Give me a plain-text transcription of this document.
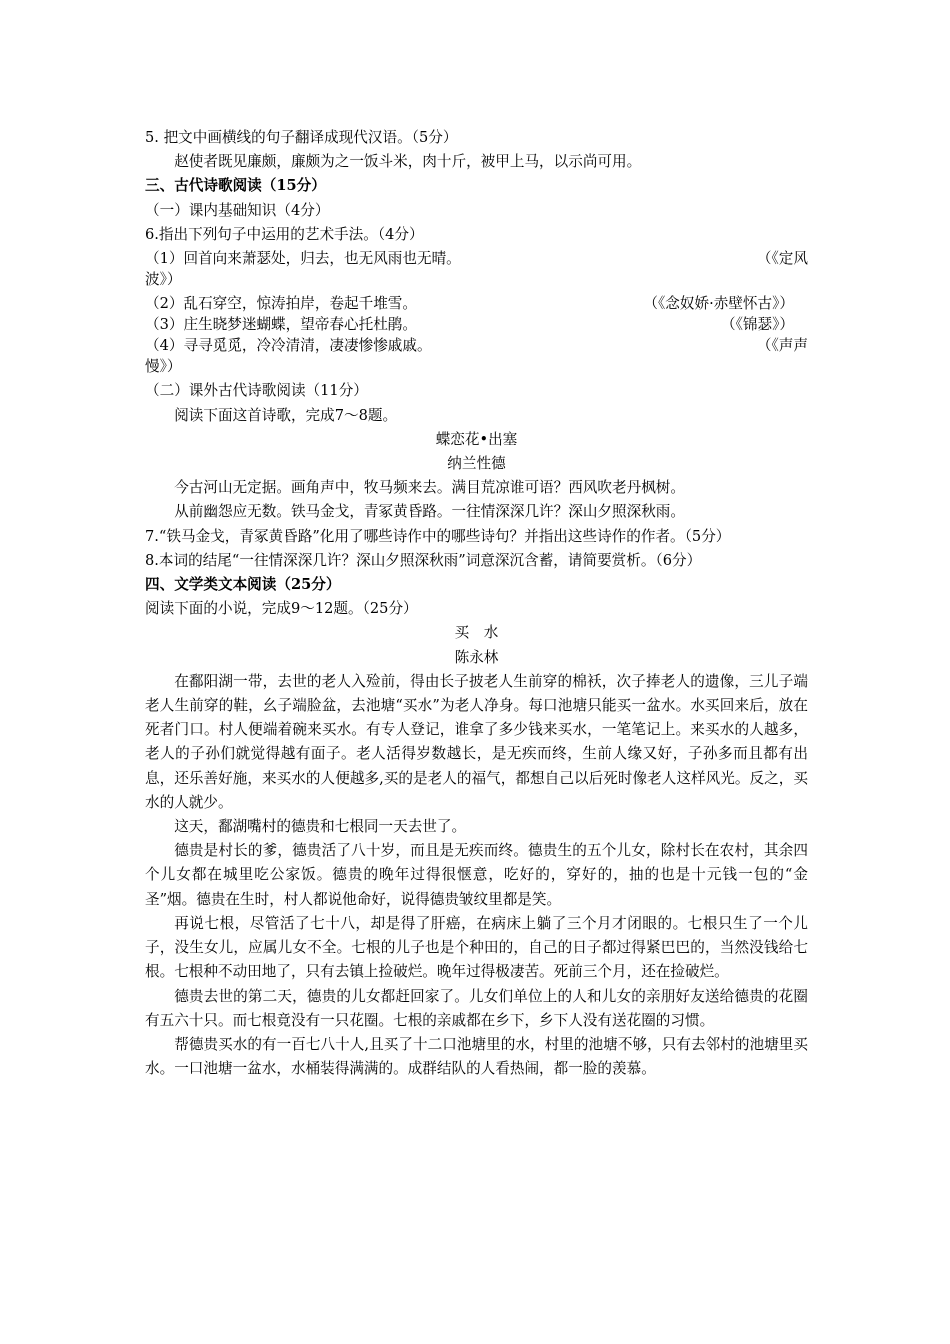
5. 把文中画横线的句子翻译成现代汉语。（5分）

赵使者既见廉颇，廉颇为之一饭斗米，肉十斤，被甲上马，以示尚可用。

三、古代诗歌阅读（15分）

（一）课内基础知识（4分）

6.指出下列句子中运用的艺术手法。（4分）

（1）回首向来萧瑟处，归去，也无风雨也无晴。	（《定风

波》）

（2）乱石穿空，惊涛拍岸，卷起千堆雪。	（《念奴娇·赤壁怀古》）
（3）庄生晓梦迷蝴蝶，望帝春心托杜鹃。	（《锦瑟》）
（4）寻寻觅觅，冷冷清清，凄凄惨惨戚戚。	（《声声

慢》）

（二）课外古代诗歌阅读（11分）

阅读下面这首诗歌，完成7～8题。

蝶恋花•出塞

纳兰性德

今古河山无定据。画角声中，牧马频来去。满目荒凉谁可语？西风吹老丹枫树。

从前幽怨应无数。铁马金戈，青冢黄昏路。一往情深深几许？深山夕照深秋雨。

7.“铁马金戈，青冢黄昏路”化用了哪些诗作中的哪些诗句？并指出这些诗作的作者。（5分）

8.本词的结尾“一往情深深几许？深山夕照深秋雨”词意深沉含蓄，请简要赏析。（6分）

四、文学类文本阅读（25分）

阅读下面的小说，完成9～12题。（25分）

买　水

陈永林

在鄱阳湖一带，去世的老人入殓前，得由长子披老人生前穿的棉袄，次子捧老人的遗像，三儿子端老人生前穿的鞋，幺子端脸盆，去池塘“买水”为老人净身。每口池塘只能买一盆水。水买回来后，放在死者门口。村人便端着碗来买水。有专人登记，谁拿了多少钱来买水，一笔笔记上。来买水的人越多，老人的子孙们就觉得越有面子。老人活得岁数越长，是无疾而终，生前人缘又好，子孙多而且都有出息，还乐善好施，来买水的人便越多,买的是老人的福气，都想自己以后死时像老人这样风光。反之，买水的人就少。

这天，鄱湖嘴村的德贵和七根同一天去世了。

德贵是村长的爹，德贵活了八十岁，而且是无疾而终。德贵生的五个儿女，除村长在农村，其余四个儿女都在城里吃公家饭。德贵的晚年过得很惬意，吃好的，穿好的，抽的也是十元钱一包的“金圣”烟。德贵在生时，村人都说他命好，说得德贵皱纹里都是笑。

再说七根，尽管活了七十八，却是得了肝癌，在病床上躺了三个月才闭眼的。七根只生了一个儿子，没生女儿，应属儿女不全。七根的儿子也是个种田的，自己的日子都过得紧巴巴的，当然没钱给七根。七根种不动田地了，只有去镇上捡破烂。晚年过得极凄苦。死前三个月，还在捡破烂。

德贵去世的第二天，德贵的儿女都赶回家了。儿女们单位上的人和儿女的亲朋好友送给德贵的花圈有五六十只。而七根竟没有一只花圈。七根的亲戚都在乡下，乡下人没有送花圈的习惯。

帮德贵买水的有一百七八十人,且买了十二口池塘里的水，村里的池塘不够，只有去邻村的池塘里买水。一口池塘一盆水，水桶装得满满的。成群结队的人看热闹，都一脸的羡慕。
